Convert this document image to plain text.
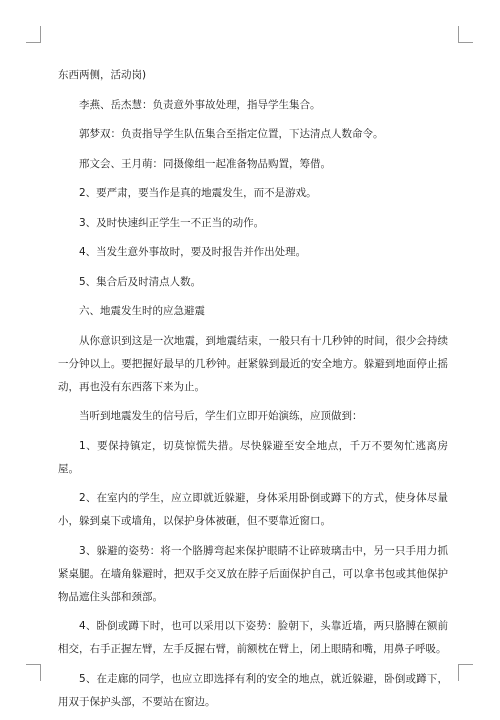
东西两侧，活动岗)

李燕、岳杰慧：负责意外事故处理，指导学生集合。

郭梦双：负责指导学生队伍集合至指定位置，下达清点人数命令。

邢文会、王月萌：同摄像组一起准备物品购置，筹借。

2、要严肃，要当作是真的地震发生，而不是游戏。

3、及时快速纠正学生一不正当的动作。

4、当发生意外事故时，要及时报告并作出处理。

5、集合后及时清点人数。

六、地震发生时的应急避震

从你意识到这是一次地震，到地震结束，一般只有十几秒钟的时间，很少会持续一分钟以上。要把握好最早的几秒钟。赶紧躲到最近的安全地方。躲避到地面停止摇动，再也没有东西落下来为止。

当听到地震发生的信号后，学生们立即开始演练，应顶做到：

1、要保持镇定，切莫惊慌失措。尽快躲避至安全地点，千万不要匆忙逃离房屋。

2、在室内的学生，应立即就近躲避，身体采用卧倒或蹲下的方式，使身体尽量小，躲到桌下或墙角，以保护身体被砸，但不要靠近窗口。

3、躲避的姿势：将一个胳膊弯起来保护眼睛不让碎玻璃击中，另一只手用力抓紧桌腿。在墙角躲避时，把双手交叉放在脖子后面保护自己，可以拿书包或其他保护物品遮住头部和颈部。

4、卧倒或蹲下时，也可以采用以下姿势：脸朝下，头靠近墙，两只胳膊在额前相交，右手正握左臂，左手反握右臂，前额枕在臂上，闭上眼睛和嘴，用鼻子呼吸。

5、在走廊的同学，也应立即选择有利的安全的地点，就近躲避，卧倒或蹲下，用双于保护头部，不要站在窗边。
